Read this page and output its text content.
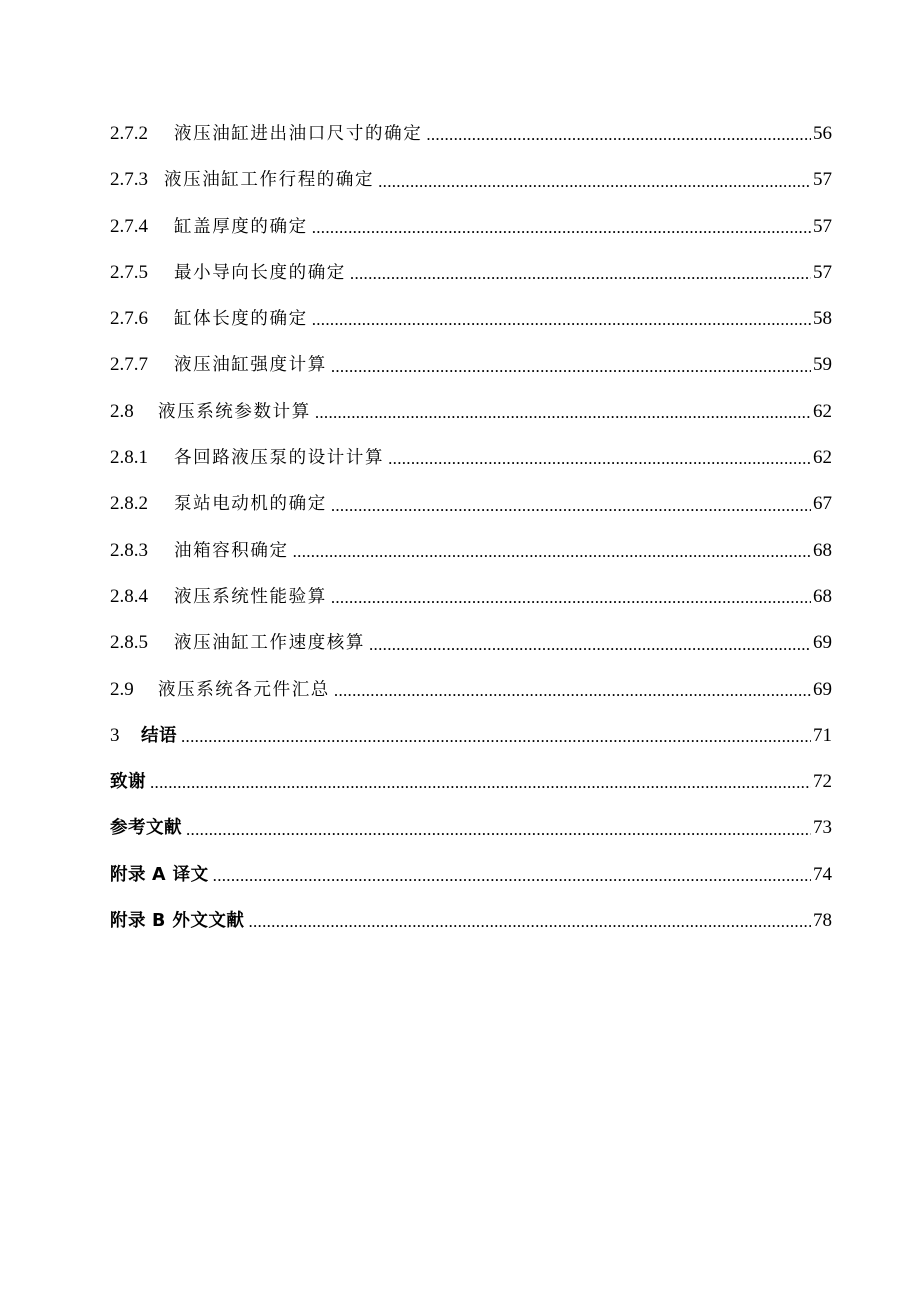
2.7.2	液压油缸进出油口尺寸的确定 .....	56
2.7.3 液压油缸工作行程的确定 .....	57
2.7.4	缸盖厚度的确定 .....	57
2.7.5	最小导向长度的确定 .....	57
2.7.6	缸体长度的确定 .....	58
2.7.7	液压油缸强度计算 .....	59
2.8	液压系统参数计算 .....	62
2.8.1	各回路液压泵的设计计算 .....	62
2.8.2	泵站电动机的确定 .....	67
2.8.3	油箱容积确定 .....	68
2.8.4	液压系统性能验算 .....	68
2.8.5	液压油缸工作速度核算 .....	69
2.9	液压系统各元件汇总 .....	69
3	结语 .....	71
致谢 .....	72
参考文献 .....	73
附录 A 译文 .....	74
附录 B 外文文献 .....	78
